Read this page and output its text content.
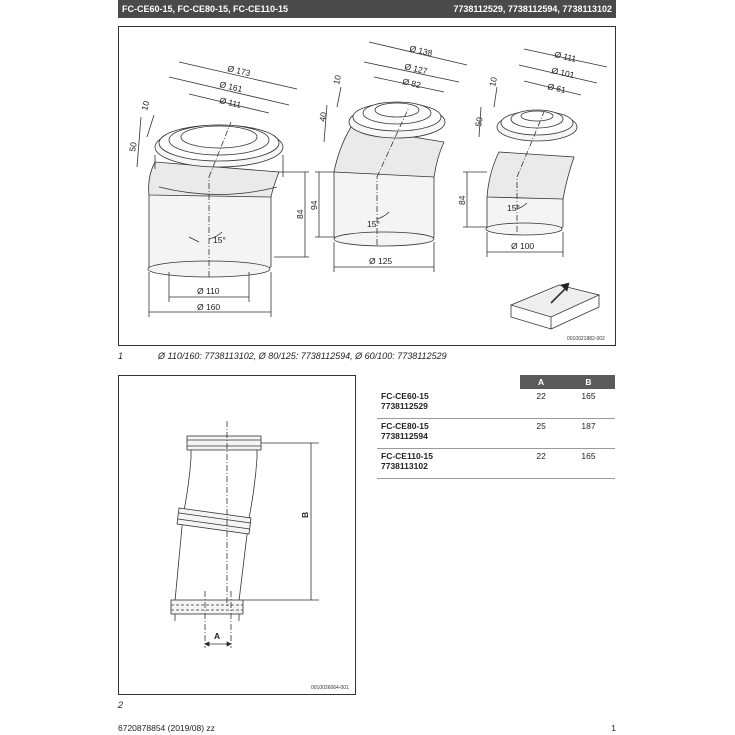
FC-CE60-15, FC-CE80-15, FC-CE110-15	7738112529, 7738112594, 7738113102
Ø 173
Ø 161
Ø 111
10
50
84
15°
Ø 110
Ø 160
Ø 138
Ø 127
Ø 82
10
40
94
15°
Ø 125
Ø 111
Ø 101
Ø 61
10
50
84
15°
Ø 100
0010021882-002
1	Ø 110/160: 7738113102, Ø 80/125: 7738112594, Ø 60/100: 7738112529
A
B
0010026064-001
2
	A	B

FC-CE60-15
7738112529	22	165

FC-CE80-15
7738112594	25	187

FC-CE110-15
7738113102	22	165
6720878854 (2019/08) zz	1
